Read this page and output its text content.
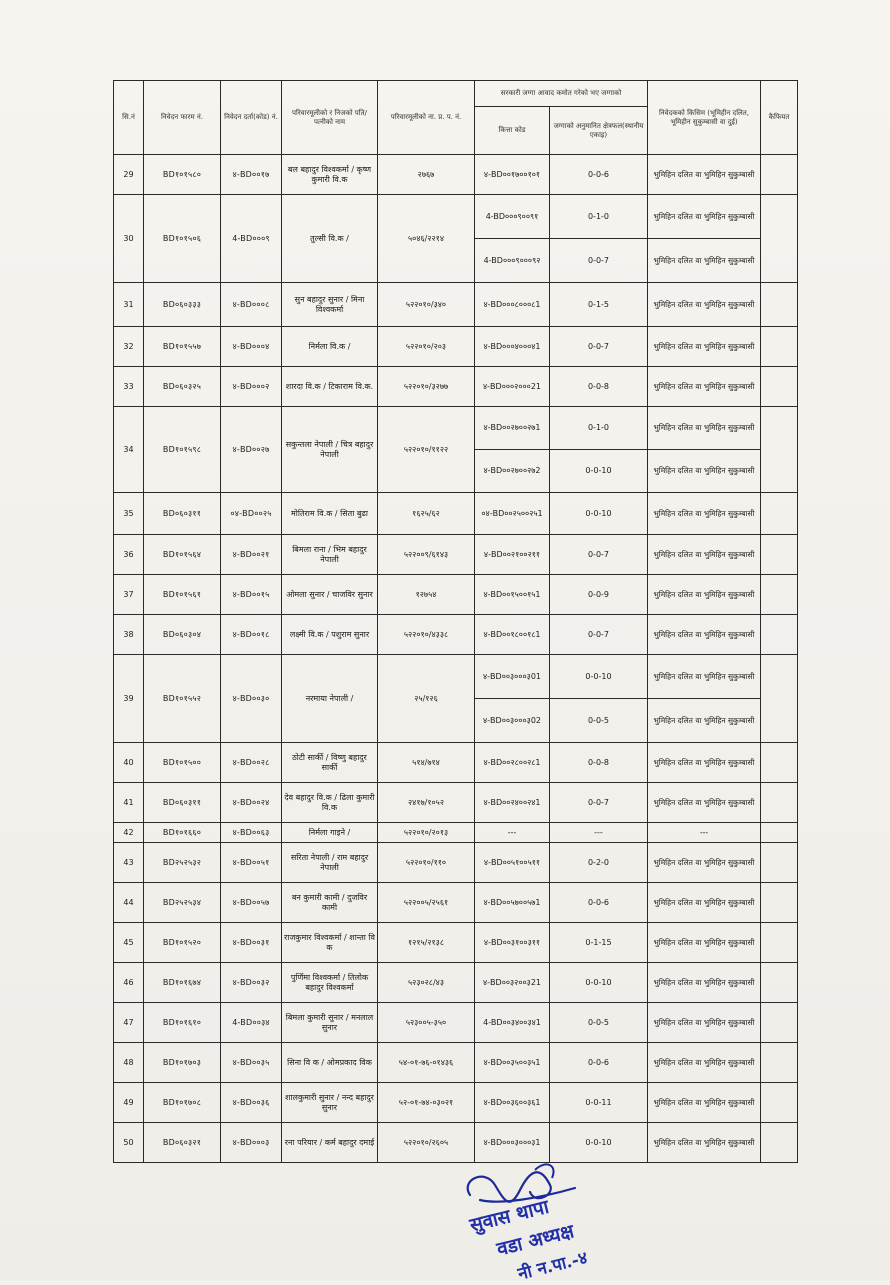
सि.नं	निवेदन फारम नं.	निवेदन दर्ता(कोड) नं.	परिवारमूलीको र निजको पति/पत्नीको नाम	परिवारमूलीको ना. प्र. प. नं.	सरकारी जग्गा आवाद कमोत गरेको भए जग्गाको		निवेदकको किसिम (भूमिहीन दलित, भूमिहीन सुकुम्बासी वा दुई)	कैफियत
					कित्ता कोड	जग्गाको अनुमानित क्षेत्रफल(स्थानीय एकाइ)		
29	BD१०१५८०	४-BD००१७	बल बहादुर विश्वकर्मा / कृष्ण कुमारी वि.क	२७६७	४-BD००१७००१०१	0-0-6	भुमिहिन दलित वा भुमिहिन सुकुम्बासी	
30	BD१०१५०६	4-BD०००९	तुल्सी वि.क /	५०४६/२२१४	4-BD०००९००९१	0-1-0	भुमिहिन दलित वा भुमिहिन सुकुम्बासी	
					4-BD०००९०००९२	0-0-7	भुमिहिन दलित वा भुमिहिन सुकुम्बासी	
31	BD०६०३३३	४-BD०००८	सुन बहादुर सुनार / मिना विश्वकर्मा	५२२०१०/३४०	४-BD०००८०००८1	0-1-5	भुमिहिन दलित वा भुमिहिन सुकुम्बासी	
32	BD१०१५५७	४-BD०००४	निर्मला वि.क /	५२२०१०/२०३	४-BD०००४०००४1	0-0-7	भुमिहिन दलित वा भुमिहिन सुकुम्बासी	
33	BD०६०३२५	४-BD०००२	शारदा वि.क / टिकाराम वि.क.	५२२०१०/३२७७	४-BD०००२०००21	0-0-8	भुमिहिन दलित वा भुमिहिन सुकुम्बासी	
34	BD१०१५९८	४-BD००२७	सकुन्तला नेपाली / चित्र बहादुर नेपाली	५२२०१०/११२२	४-BD००२७००२७1	0-1-0	भुमिहिन दलित वा भुमिहिन सुकुम्बासी	
					४-BD००२७००२७2	0-0-10	भुमिहिन दलित वा भुमिहिन सुकुम्बासी	
35	BD०६०३११	०४-BD००२५	मोतिराम वि.क / सिता बुढा	१६२५/६२	०४-BD००२५००२५1	0-0-10	भुमिहिन दलित वा भुमिहिन सुकुम्बासी	
36	BD१०१५६४	४-BD००२१	बिमला राना / भिम बहादुर नेपाली	५२२००९/६१४३	४-BD००२१००२११	0-0-7	भुमिहिन दलित वा भुमिहिन सुकुम्बासी	
37	BD१०१५६१	४-BD००१५	ओमला सुनार / चाजविर सुनार	१२७५४	४-BD००१५००१५1	0-0-9	भुमिहिन दलित वा भुमिहिन सुकुम्बासी	
38	BD०६०३०४	४-BD००१८	लक्ष्मी वि.क / पशुराम सुनार	५२२०१०/४३३८	४-BD००१८००१८1	0-0-7	भुमिहिन दलित वा भुमिहिन सुकुम्बासी	
39	BD१०१५५२	४-BD००३०	नरमाया नेपाली /	२५/१२६	४-BD००३०००३01	0-0-10	भुमिहिन दलित वा भुमिहिन सुकुम्बासी	
					४-BD००३०००३02	0-0-5	भुमिहिन दलित वा भुमिहिन सुकुम्बासी	
40	BD१०१५००	४-BD००२८	ठोटी सार्की / विष्णु बहादुर सार्की	५१४/७१४	४-BD००२८००२८1	0-0-8	भुमिहिन दलित वा भुमिहिन सुकुम्बासी	
41	BD०६०३११	४-BD००२४	देव बहादुर वि.क / ढिला कुमारी वि.क	२४१७/१०५२	४-BD००२४००२४1	0-0-7	भुमिहिन दलित वा भुमिहिन सुकुम्बासी	
42	BD१०१६६०	४-BD००६३	निर्मला गाइने /	५२२०१०/२०१३	---	---	---	
43	BD२५२५३२	४-BD००५१	सरिता नेपाली / राम बहादुर नेपाली	५२२०१०/११०	४-BD००५१००५११	0-2-0	भुमिहिन दलित वा भुमिहिन सुकुम्बासी	
44	BD२५२५३४	४-BD००५७	बन कुमारी कामी / दुजविर कामी	५२२००५/२५६१	४-BD००५७००५७1	0-0-6	भुमिहिन दलित वा भुमिहिन सुकुम्बासी	
45	BD१०१५२०	४-BD००३१	राजकुमार विश्वकर्मा / शान्ता वि क	१२१५/२१३८	४-BD००३१००३११	0-1-15	भुमिहिन दलित वा भुमिहिन सुकुम्बासी	
46	BD१०१६७४	४-BD००३२	पुर्णिमा विश्वकर्मा / तिलोक बहादुर विश्वकर्मा	५२३०२८/४३	४-BD००३२००३21	0-0-10	भुमिहिन दलित वा भुमिहिन सुकुम्बासी	
47	BD१०१६१०	4-BD००३४	बिमला कुमारी सुनार / मनलाल सुनार	५२३००५-३५०	4-BD००३४००३४1	0-0-5	भुमिहिन दलित वा भुमिहिन सुकुम्बासी	
48	BD१०१७०३	४-BD००३५	सिना वि क / ओमप्रकाद विक	५४-०१-७६-०१४३६	४-BD००३५००३५1	0-0-6	भुमिहिन दलित वा भुमिहिन सुकुम्बासी	
49	BD१०१७०८	४-BD००३६	शालकुमारी सुनार / नन्द बहादुर सुनार	५२-०१-७४-०३०२१	४-BD००३६००३६1	0-0-11	भुमिहिन दलित वा भुमिहिन सुकुम्बासी	
50	BD०६०३२१	४-BD०००३	रना परियार / कर्म बहादुर दमाई	५२२०१०/२६०५	४-BD०००३०००३1	0-0-10	भुमिहिन दलित वा भुमिहिन सुकुम्बासी	
सुवास थापा
वडा अध्यक्ष
नी न.पा.-४
